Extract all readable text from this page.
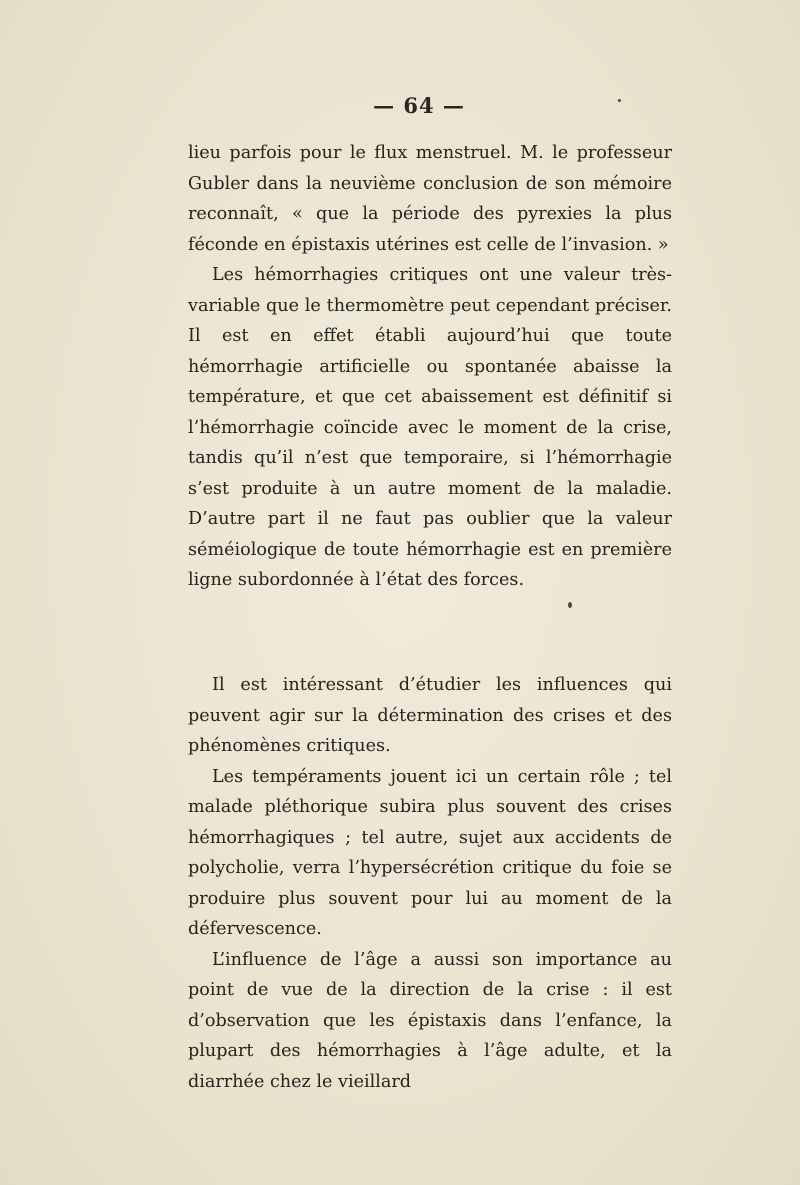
— 64 —

lieu parfois pour le flux menstruel. M. le professeur Gubler dans la neuvième conclusion de son mémoire reconnaît, « que la période des pyrexies la plus féconde en épistaxis utérines est celle de l’invasion. »

Les hémorrhagies critiques ont une valeur très-variable que le thermomètre peut cependant préciser. Il est en effet établi aujourd’hui que toute hémorrhagie artificielle ou spontanée abaisse la température, et que cet abaissement est définitif si l’hémorrhagie coïncide avec le moment de la crise, tandis qu’il n’est que temporaire, si l’hémorrhagie s’est produite à un autre moment de la maladie. D’autre part il ne faut pas oublier que la valeur séméiologique de toute hémorrhagie est en première ligne subordonnée à l’état des forces.

Il est intéressant d’étudier les influences qui peuvent agir sur la détermination des crises et des phénomènes critiques.

Les tempéraments jouent ici un certain rôle ; tel malade pléthorique subira plus souvent des crises hémorrhagiques ; tel autre, sujet aux accidents de polycholie, verra l’hypersécrétion critique du foie se produire plus souvent pour lui au moment de la défervescence.

L’influence de l’âge a aussi son importance au point de vue de la direction de la crise : il est d’observation que les épistaxis dans l’enfance, la plupart des hémorrhagies à l’âge adulte, et la diarrhée chez le vieillard
